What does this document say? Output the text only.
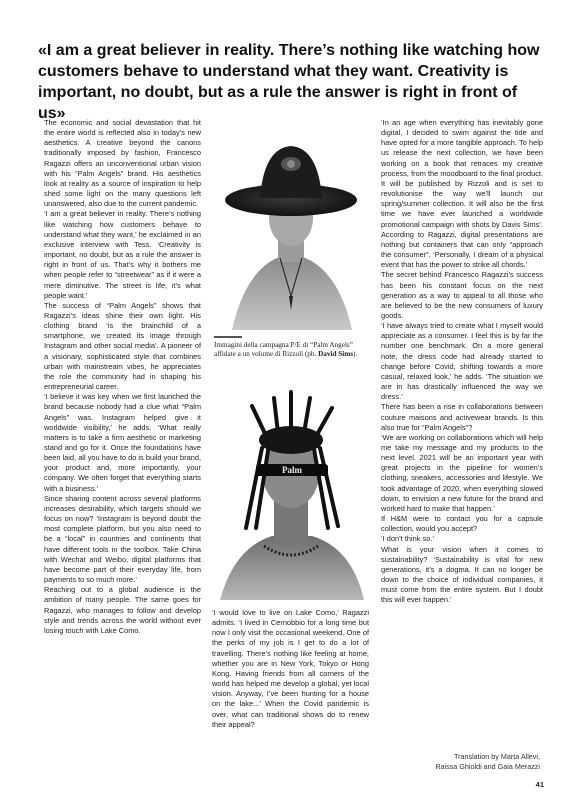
«I am a great believer in reality. There’s nothing like watching how customers behave to understand what they want. Creativity is important, no doubt, but as a rule the answer is right in front of us»

The economic and social devastation that hit the entire world is reflected also in today’s new aesthetics. A creative beyond the canons traditionally imposed by fashion, Francesco Ragazzi offers an unconventional urban vision with his “Palm Angels” brand. His aesthetics look at reality as a source of inspiration to help shed some light on the many questions left unanswered, also due to the current pandemic.

‘I am a great believer in reality. There’s nothing like watching how customers behave to understand what they want,’ he exclaimed in an exclusive interview with Tess. ‘Creativity is important, no doubt, but as a rule the answer is right in front of us. That’s why it bothers me when people refer to “streetwear” as if it were a mere diminutive. The street is life, it’s what people want.’

The success of “Palm Angels” shows that Ragazzi’s ideas shine their own light. His clothing brand ‘is the brainchild of a smartphone, we created its image through Instagram and other social media’. A pioneer of a visionary, sophisticated style that combines urban with mainstream vibes, he appreciates the role the community had in shaping his entrepreneurial career.

‘I believe it was key when we first launched the brand because nobody had a clue what “Palm Angels” was. Instagram helped give it worldwide visibility,’ he adds. ‘What really matters is to take a firm aesthetic or marketing stand and go for it. Once the foundations have been laid, all you have to do is build your brand, your product and, more importantly, your company. We often forget that everything starts with a business.’

Since sharing content across several platforms increases desirability, which targets should we focus on now? ‘Instagram is beyond doubt the most complete platform, but you also need to be a “local” in countries and continents that have different tools in the toolbox. Take China with Wechat and Weibo, digital platforms that have become part of their everyday life, from payments to so much more.’

Reaching out to a global audience is the ambition of many people. The same goes for Ragazzi, who manages to follow and develop style and trends across the world without ever losing touch with Lake Como.

Immagini della campagna P/E di “Palm Angels” affidate a un volume di Rizzoli (ph. David Sims).

Palm

‘I would love to live on Lake Como,’ Ragazzi admits. ‘I lived in Cernobbio for a long time but now I only visit the occasional weekend. One of the perks of my job is I get to do a lot of travelling. There’s nothing like feeling at home, whether you are in New York, Tokyo or Hong Kong. Having friends from all corners of the world has helped me develop a global, yet local vision. Anyway, I’ve been hunting for a house on the lake...’ When the Covid pandemic is over, what can traditional shows do to renew their appeal?

‘In an age when everything has inevitably gone digital, I decided to swim against the tide and have opted for a more tangible approach. To help us release the next collection, we have been working on a book that retraces my creative process, from the moodboard to the final product. It will be published by Rizzoli and is set to revolutionise the way we’ll launch our spring/summer collection. It will also be the first time we have ever launched a worldwide promotional campaign with shots by Davis Sims’. According to Ragazzi, digital presentations are nothing but containers that can only “approach the consumer”. ‘Personally, I dream of a physical event that has the power to strike all chords.’

The secret behind Francesco Ragazzi’s success has been his constant focus on the next generation as a way to appeal to all those who are believed to be the new consumers of luxury goods.

‘I have always tried to create what I myself would appreciate as a consumer. I feel this is by far the number one benchmark. On a more general note, the dress code had already started to change before Covid, shifting towards a more casual, relaxed look,’ he adds. ‘The situation we are in has drastically influenced the way we dress.’

There has been a rise in collaborations between couture maisons and activewear brands. Is this also true for “Palm Angels”?

‘We are working on collaborations which will help me take my message and my products to the next level. 2021 will be an important year with great projects in the pipeline for women’s clothing, sneakers, accessories and lifestyle. We took advantage of 2020, when everything slowed down, to envision a new future for the brand and worked hard to make that happen.’

If H&M were to contact you for a capsule collection, would you accept?

‘I don’t think so.’

What is your vision when it comes to sustainability? ‘Sustainability is vital for new generations, it’s a dogma. It can no longer be down to the choice of individual companies, it must come from the entire system. But I doubt this will ever happen.’

Translation by Marta Allevi,
Raissa Ghioldi and Gaia Merazzi
41
